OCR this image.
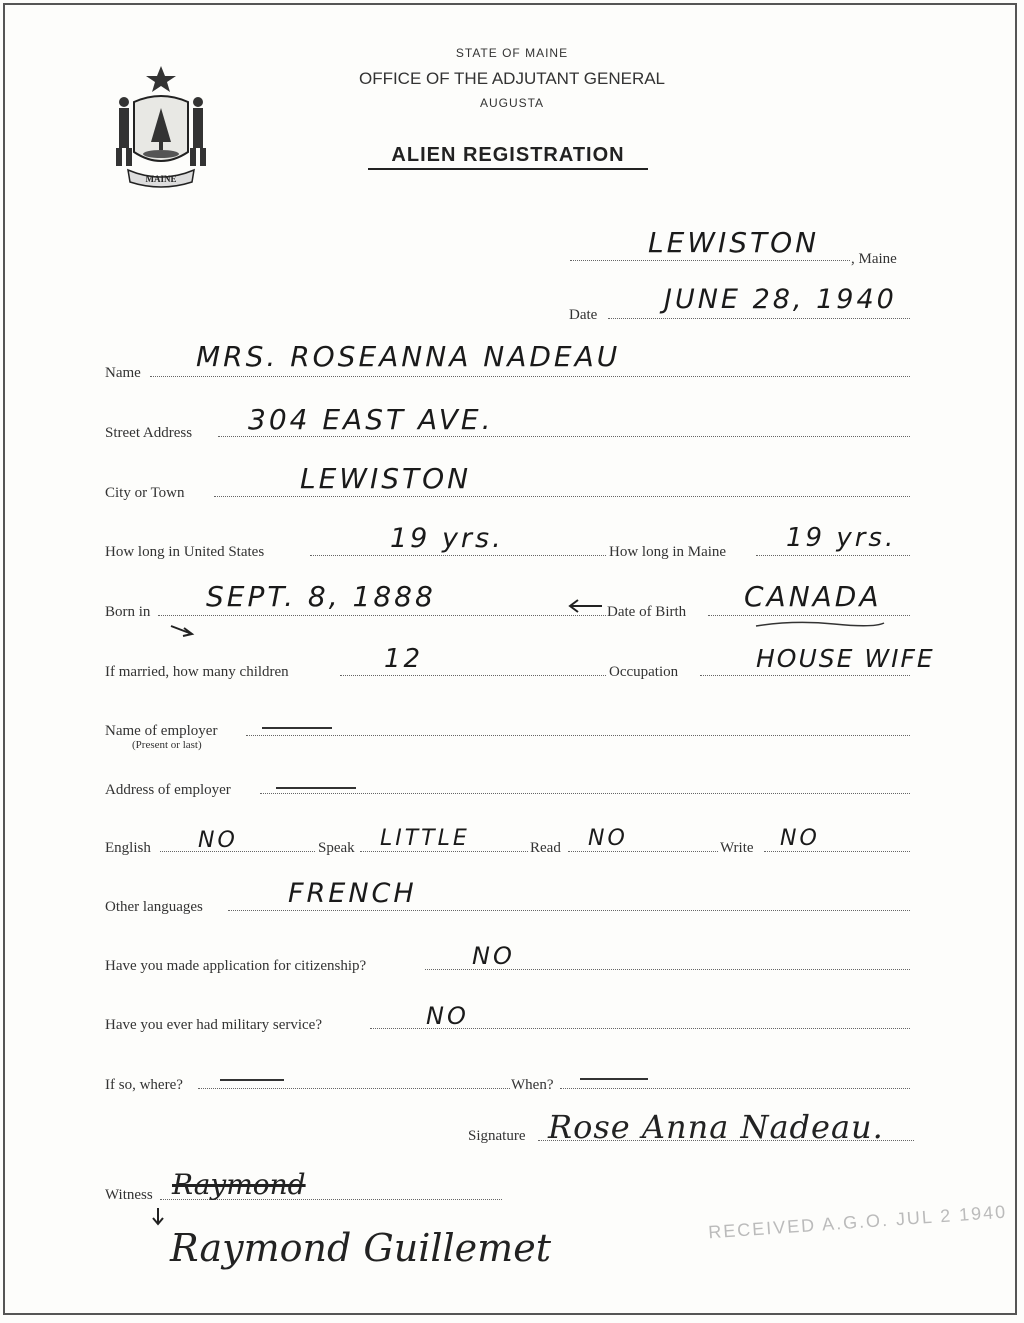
MAINE
STATE OF MAINE
OFFICE OF THE ADJUTANT GENERAL
AUGUSTA
ALIEN REGISTRATION
LEWISTON , Maine
Date JUNE 28, 1940
Name MRS. ROSEANNA NADEAU
Street Address 304 EAST AVE.
City or Town	LEWISTON
How long in United States	19 yrs.	How long in Maine 19 yrs.
Born in SEPT. 8, 1888	Date of Birth CANADA
If married, how many children	12	Occupation	HOUSE WIFE
Name of employer
(Present or last)
Address of employer
English NO	Speak LITTLE	Read NO	Write NO
Other languages	FRENCH
Have you made application for citizenship?	NO
Have you ever had military service?	NO
If so, where?	When?
Signature Rose Anna Nadeau.
Witness Raymond
Raymond Guillemet
RECEIVED A.G.O. JUL 2 1940
